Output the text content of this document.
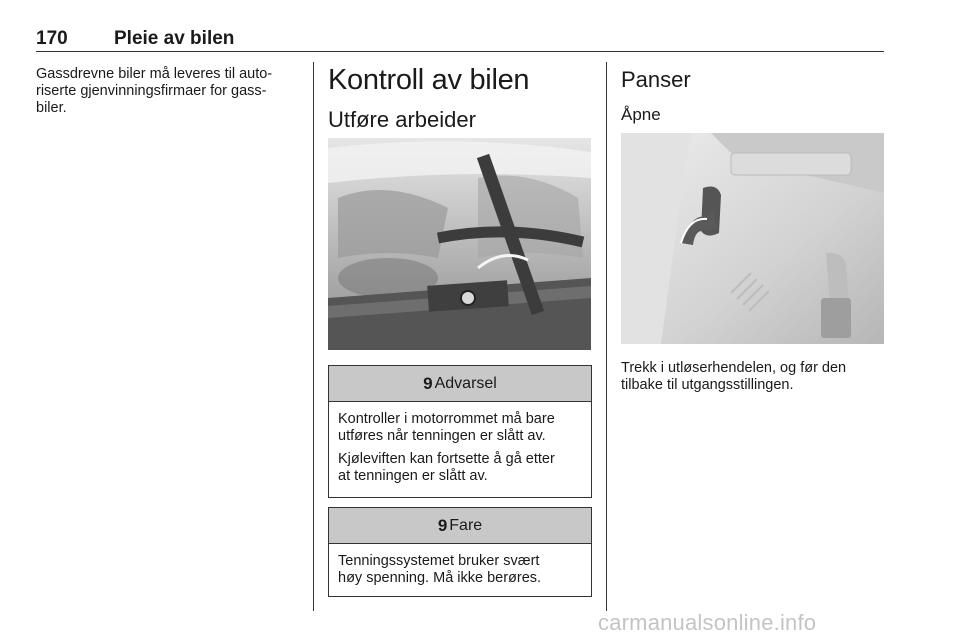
170 Pleie av bilen
Gassdrevne biler må leveres til auto-
riserte gjenvinningsfirmaer for gass-
biler.
Kontroll av bilen
Utføre arbeider
9 Advarsel

Kontroller i motorrommet må bare
utføres når tenningen er slått av.

Kjøleviften kan fortsette å gå etter
at tenningen er slått av.

9 Fare

Tenningssystemet bruker svært
høy spenning. Må ikke berøres.

Panser
Åpne
Trekk i utløserhendelen, og før den
tilbake til utgangsstillingen.
carmanualsonline.info
